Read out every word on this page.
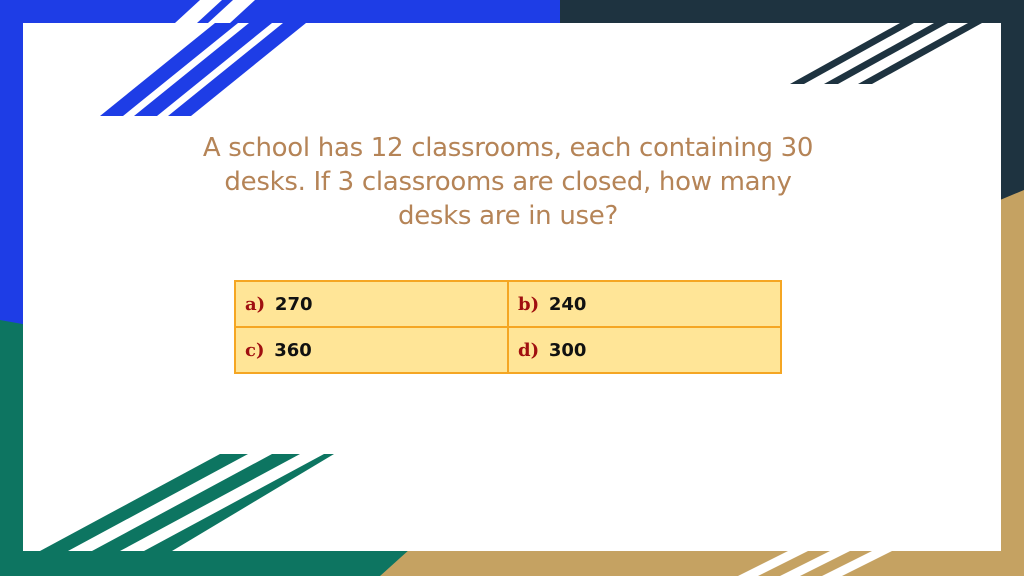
A school has 12 classrooms, each containing 30 desks. If 3 classrooms are closed, how many desks are in use?
a) 270	b) 240
c) 360	d) 300
